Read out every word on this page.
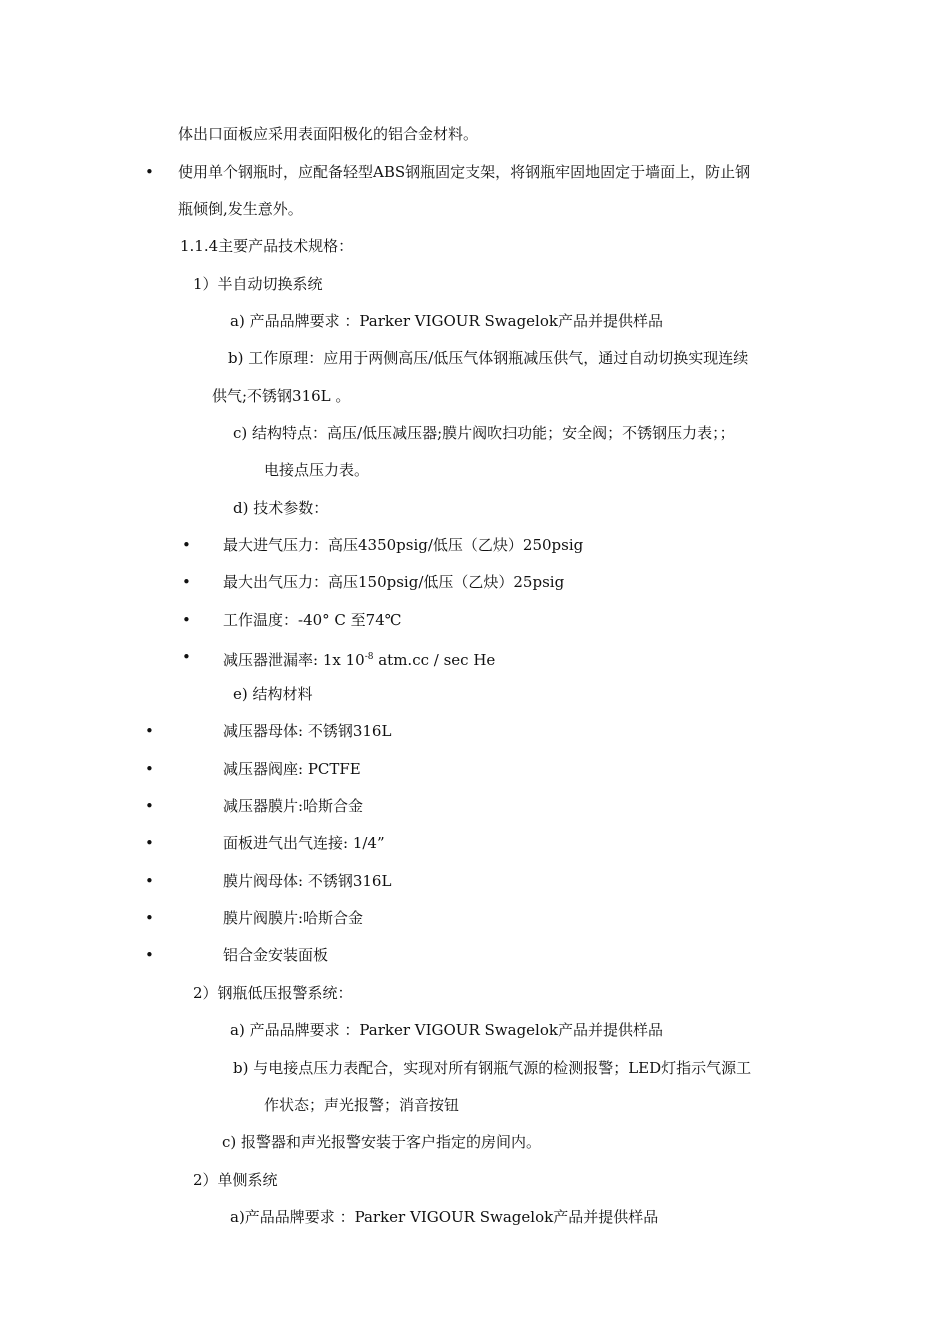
体出口面板应采用表面阳极化的铝合金材料。
• 使用单个钢瓶时，应配备轻型ABS钢瓶固定支架，将钢瓶牢固地固定于墙面上，防止钢
瓶倾倒,发生意外。
1.1.4主要产品技术规格：
1）半自动切换系统
a) 产品品牌要求 ：Parker VIGOUR Swagelok产品并提供样品
b) 工作原理：应用于两侧高压/低压气体钢瓶减压供气，通过自动切换实现连续
供气;不锈钢316L 。
c) 结构特点：高压/低压减压器;膜片阀吹扫功能；安全阀；不锈钢压力表；；
电接点压力表。
d) 技术参数：
• 最大进气压力：高压4350psig/低压（乙炔）250psig
• 最大出气压力：高压150psig/低压（乙炔）25psig
• 工作温度：-40° C 至74℃
• 减压器泄漏率: 1x $10^{-8}$ atm.cc / sec He
e) 结构材料
•	减压器母体: 不锈钢316L
•	减压器阀座: PCTFE
•	减压器膜片:哈斯合金
•	面板进气出气连接: 1/4”
•	膜片阀母体: 不锈钢316L
•	膜片阀膜片:哈斯合金
•	铝合金安装面板
2）钢瓶低压报警系统：
a) 产品品牌要求 ：Parker VIGOUR Swagelok产品并提供样品
b) 与电接点压力表配合，实现对所有钢瓶气源的检测报警；LED灯指示气源工
作状态；声光报警；消音按钮
c) 报警器和声光报警安装于客户指定的房间内。
2）单侧系统
a)产品品牌要求 ：Parker VIGOUR Swagelok产品并提供样品
